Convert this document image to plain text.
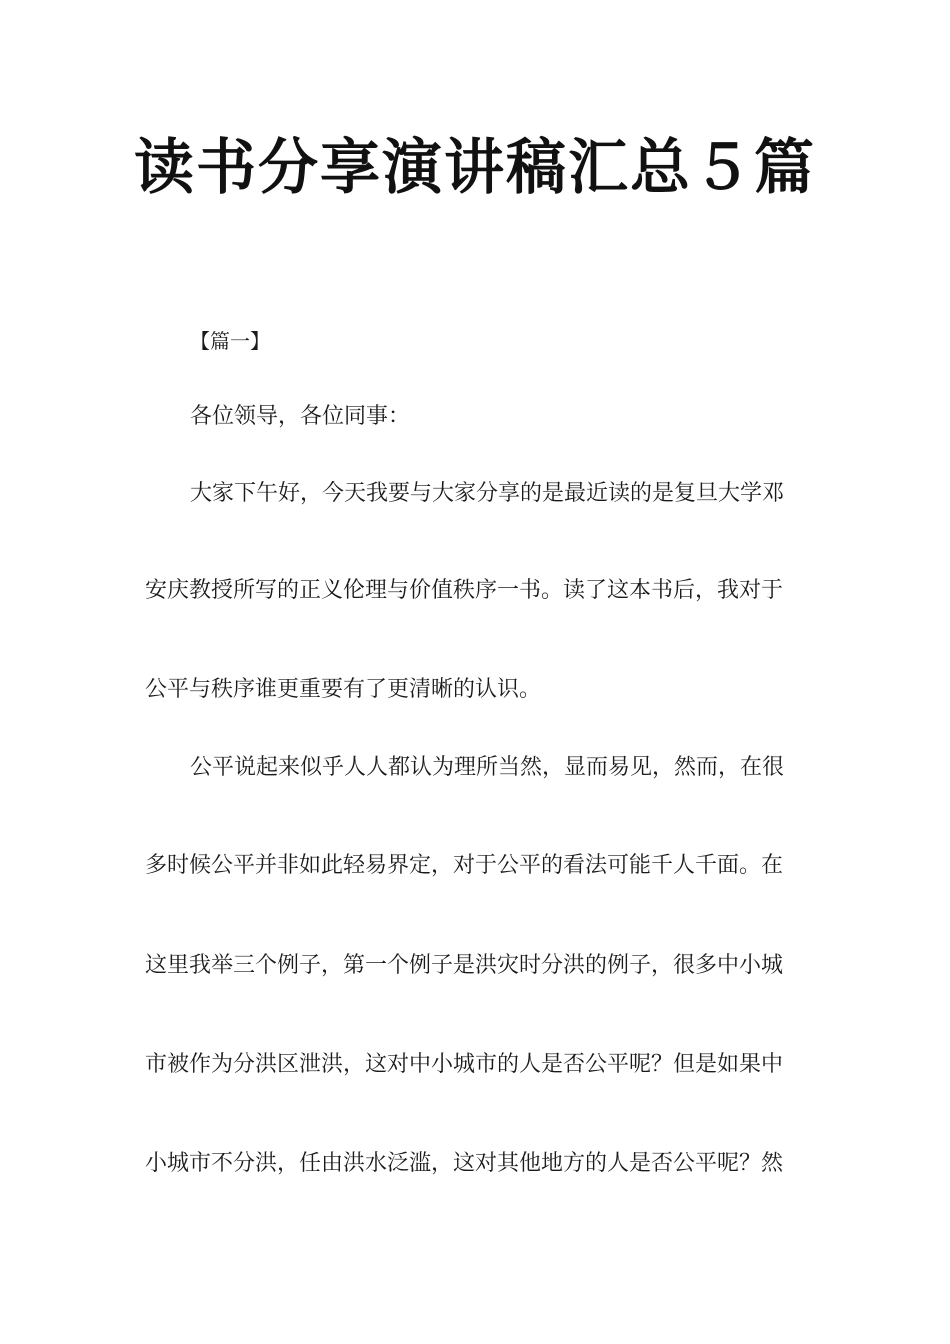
读书分享演讲稿汇总５篇
【篇一】
各位领导，各位同事：
大家下午好，今天我要与大家分享的是最近读的是复旦大学邓
安庆教授所写的正义伦理与价值秩序一书。读了这本书后，我对于
公平与秩序谁更重要有了更清晰的认识。
公平说起来似乎人人都认为理所当然，显而易见，然而，在很
多时候公平并非如此轻易界定，对于公平的看法可能千人千面。在
这里我举三个例子，第一个例子是洪灾时分洪的例子，很多中小城
市被作为分洪区泄洪，这对中小城市的人是否公平呢？但是如果中
小城市不分洪，任由洪水泛滥，这对其他地方的人是否公平呢？然
